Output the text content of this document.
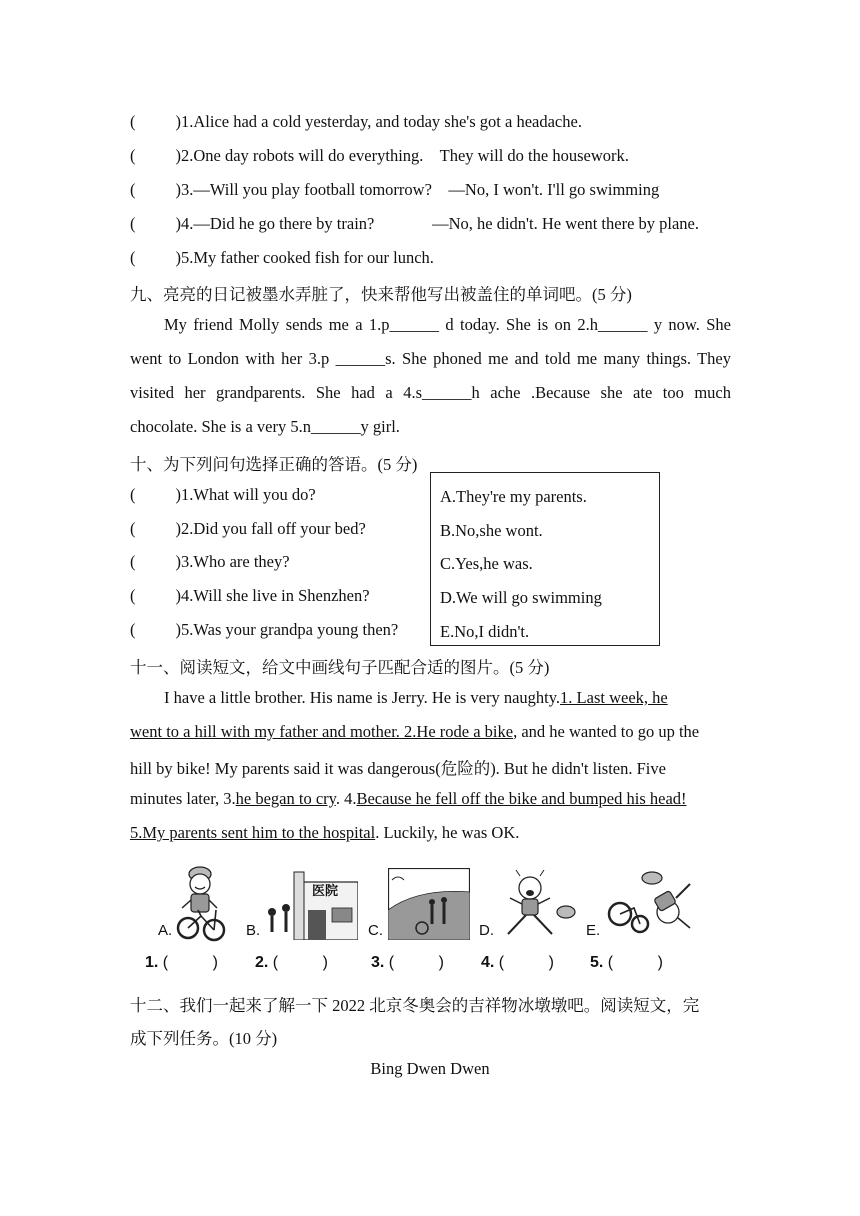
( )1.Alice had a cold yesterday, and today she's got a headache.
( )2.One day robots will do everything.    They will do the housework.
( )3.—Will you play football tomorrow?    —No, I won't. I'll go swimming
( )4.—Did he go there by train?              —No, he didn't. He went there by plane.
( )5.My father cooked fish for our lunch.
九、亮亮的日记被墨水弄脏了，快来帮他写出被盖住的单词吧。(5 分)
My friend Molly sends me a 1.p______ d today. She is on 2.h______ y now. She
went to London with her 3.p ______s. She phoned me and told me many things. They
visited her grandparents. She had a 4.s______h ache .Because she ate too much
chocolate. She is a very 5.n______y girl.
十、为下列问句选择正确的答语。(5 分)
( )1.What will you do?
( )2.Did you fall off your bed?
( )3.Who are they?
( )4.Will she live in Shenzhen?
( )5.Was your grandpa young then?
A.They're my parents.
B.No,she wont.
C.Yes,he was.
D.We will go swimming
E.No,I didn't.
十一、阅读短文，给文中画线句子匹配合适的图片。(5 分)
I have a little brother. His name is Jerry. He is very naughty.1. Last week, he
went to a hill with my father and mother. 2.He rode a bike, and he wanted to go up the
hill by bike! My parents said it was dangerous(危险的). But he didn't listen. Five
minutes later, 3.he began to cry. 4.Because he fell off the bike and bumped his head!
5.My parents sent him to the hospital. Luckily, he was OK.
A.	B.
医院
C.	D.	E.
1. (          ) 2. (          )	3. (          ) 4. (          ) 5. (          )
十二、我们一起来了解一下 2022 北京冬奥会的吉祥物冰墩墩吧。阅读短文，完
成下列任务。(10 分)
Bing Dwen Dwen
